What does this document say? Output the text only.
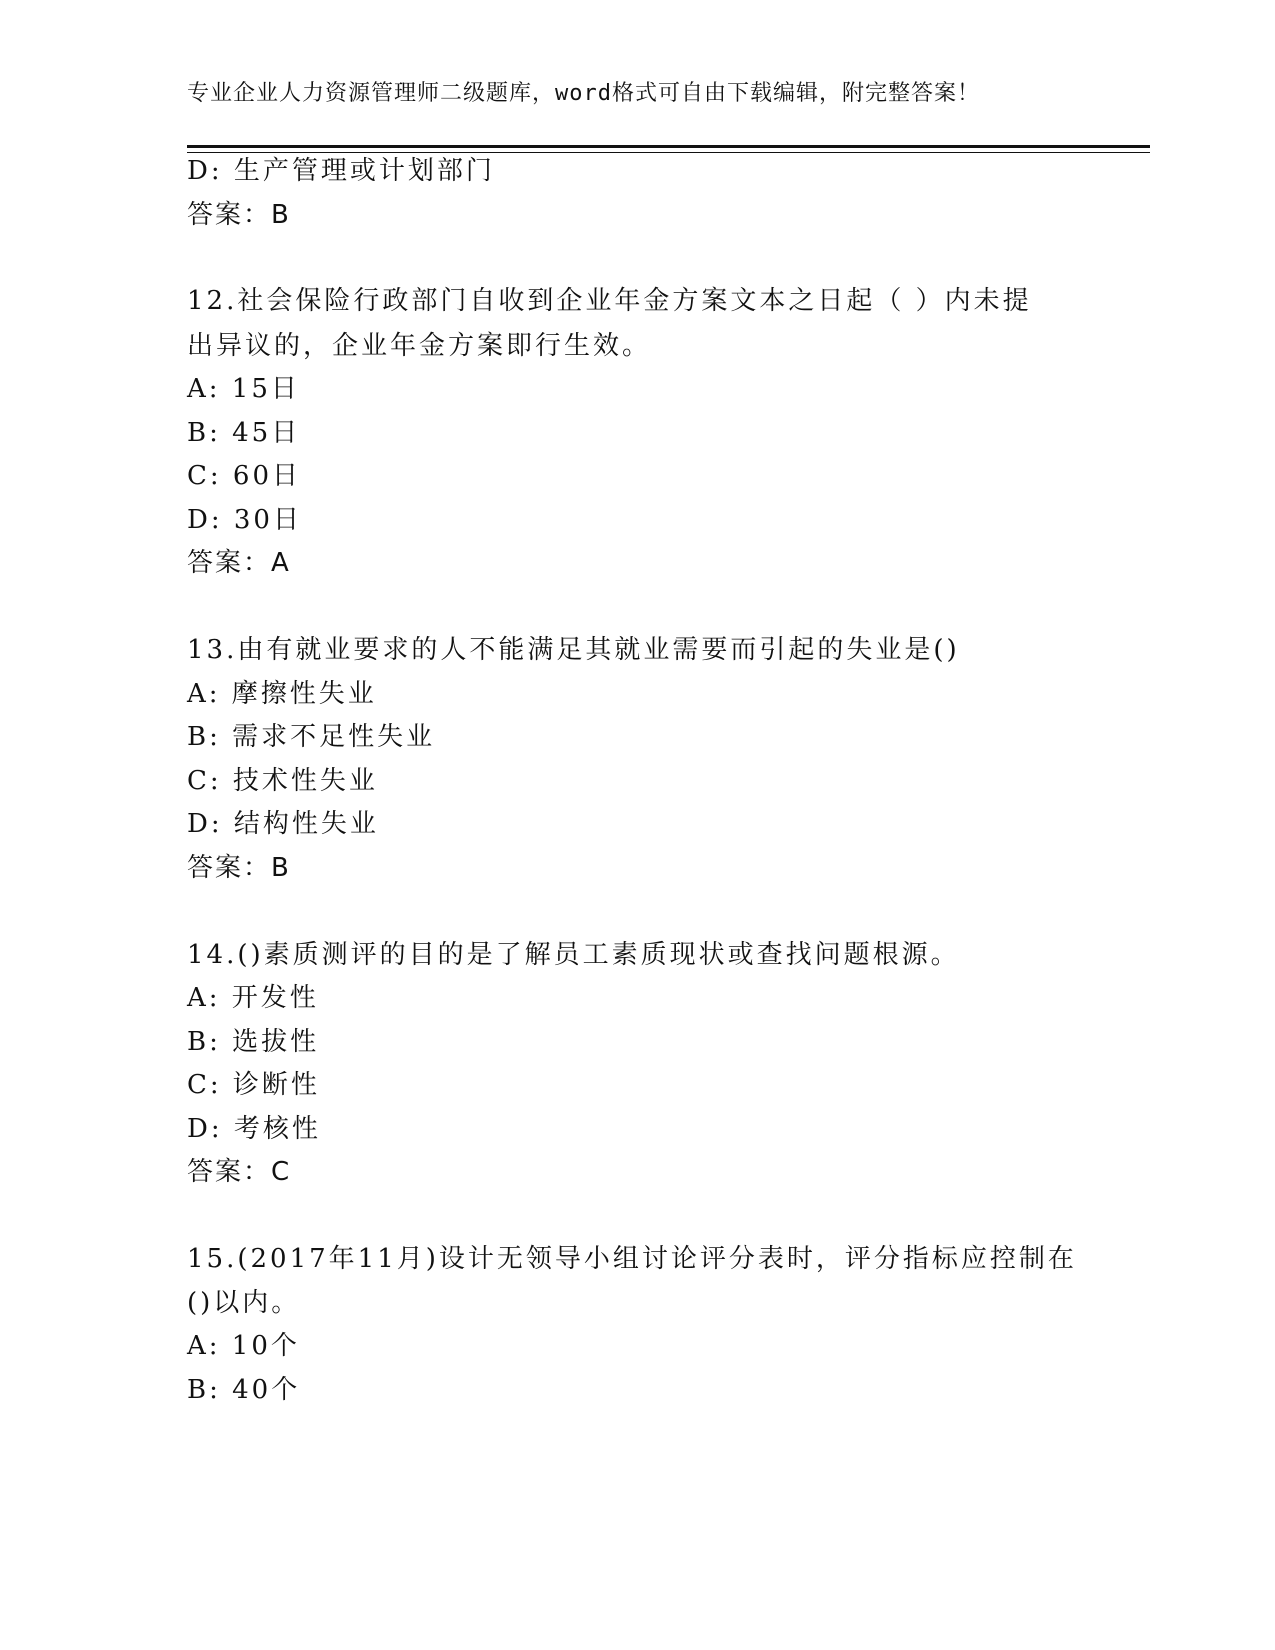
专业企业人力资源管理师二级题库，word格式可自由下载编辑，附完整答案！
D: 生产管理或计划部门
答案：B
12.社会保险行政部门自收到企业年金方案文本之日起（ ）内未提
出异议的，企业年金方案即行生效。
A: 15日
B: 45日
C: 60日
D: 30日
答案：A
13.由有就业要求的人不能满足其就业需要而引起的失业是()
A: 摩擦性失业
B: 需求不足性失业
C: 技术性失业
D: 结构性失业
答案：B
14.()素质测评的目的是了解员工素质现状或查找问题根源。
A: 开发性
B: 选拔性
C: 诊断性
D: 考核性
答案：C
15.(2017年11月)设计无领导小组讨论评分表时，评分指标应控制在
()以内。
A: 10个
B: 40个
